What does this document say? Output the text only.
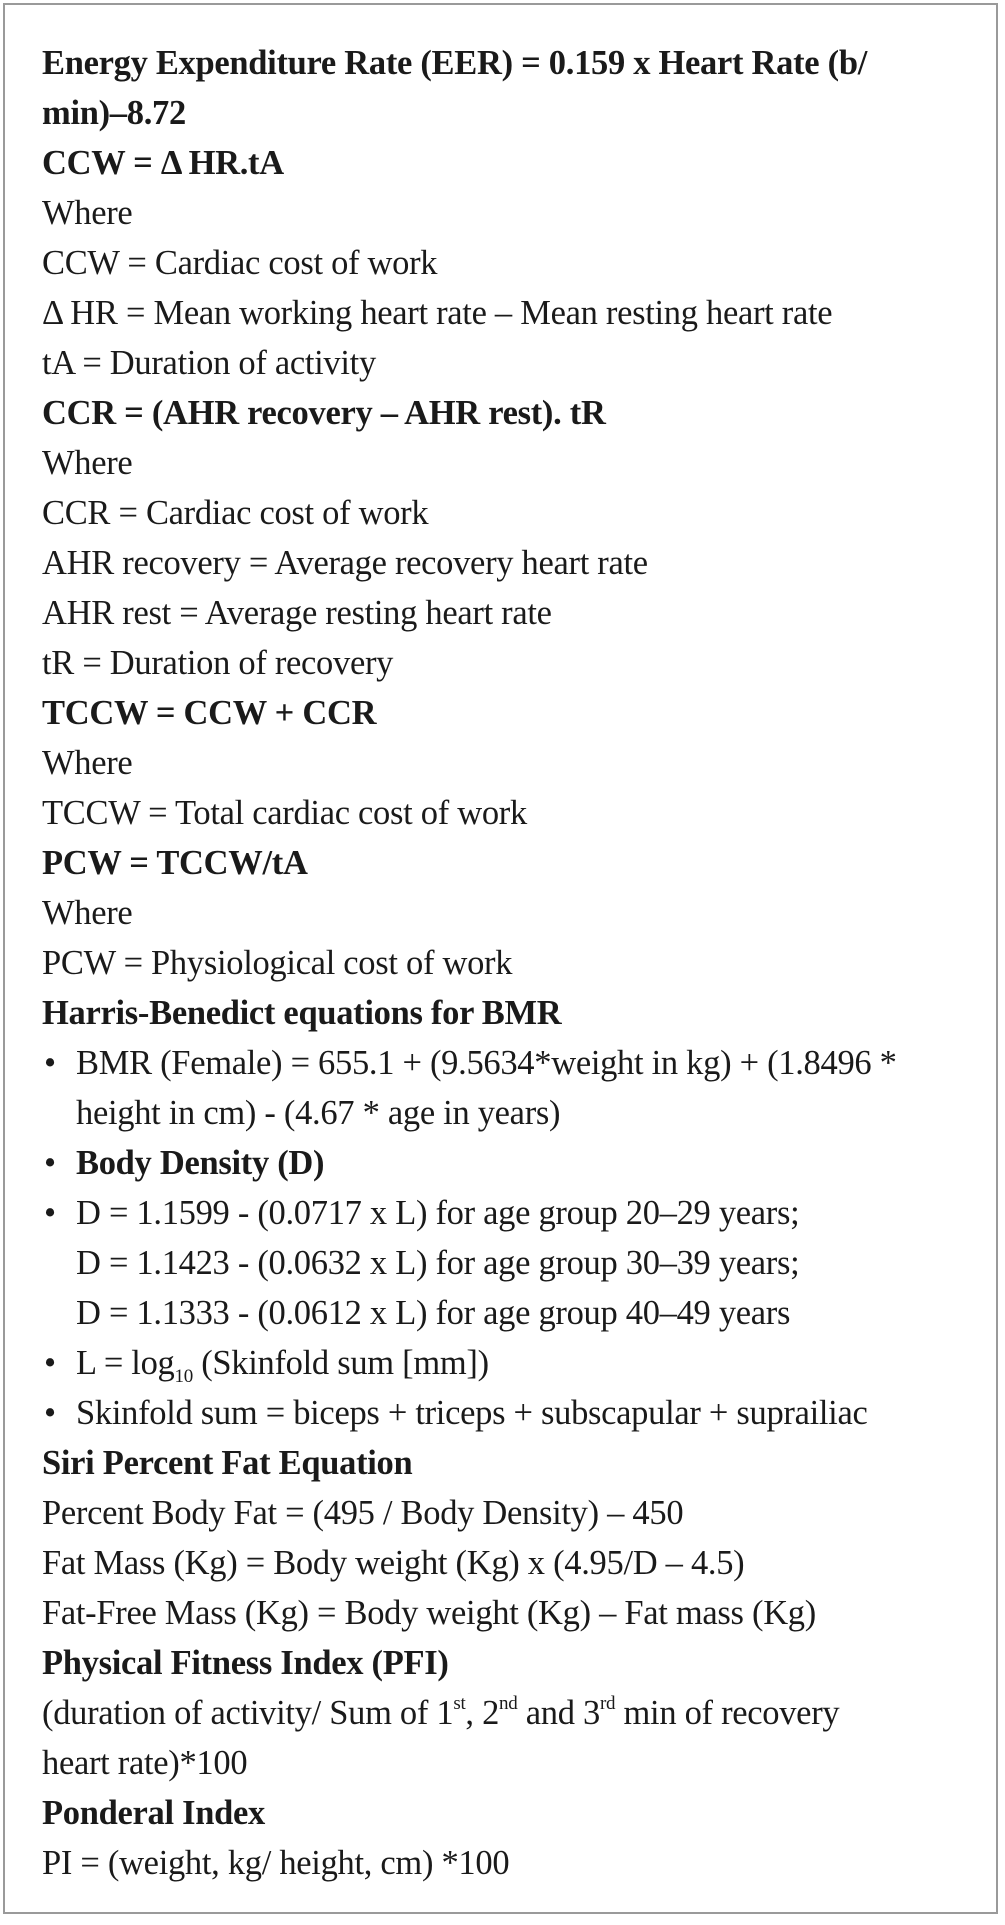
Energy Expenditure Rate (EER) = 0.159 x Heart Rate (b/
min)–8.72
CCW = Δ HR.tA
Where
CCW = Cardiac cost of work
Δ HR = Mean working heart rate – Mean resting heart rate
tA = Duration of activity
CCR = (AHR recovery – AHR rest). tR
Where
CCR = Cardiac cost of work
AHR recovery = Average recovery heart rate
AHR rest = Average resting heart rate
tR = Duration of recovery
TCCW = CCW + CCR
Where
TCCW = Total cardiac cost of work
PCW = TCCW/tA
Where
PCW = Physiological cost of work
Harris-Benedict equations for BMR
• BMR (Female) = 655.1 + (9.5634*weight in kg) + (1.8496 *
height in cm) - (4.67 * age in years)
• Body Density (D)
• D = 1.1599 - (0.0717 x L) for age group 20–29 years;
D = 1.1423 - (0.0632 x L) for age group 30–39 years;
D = 1.1333 - (0.0612 x L) for age group 40–49 years
• $L = \log_{10}$ (Skinfold sum [mm])
• Skinfold sum = biceps + triceps + subscapular + suprailiac
Siri Percent Fat Equation
Percent Body Fat = (495 / Body Density) – 450
Fat Mass (Kg) = Body weight (Kg) x (4.95/D – 4.5)
Fat-Free Mass (Kg) = Body weight (Kg) – Fat mass (Kg)
Physical Fitness Index (PFI)
(duration of activity/ Sum of 1st, 2nd and 3rd min of recovery
heart rate)*100
Ponderal Index
PI = (weight, kg/ height, cm) *100
